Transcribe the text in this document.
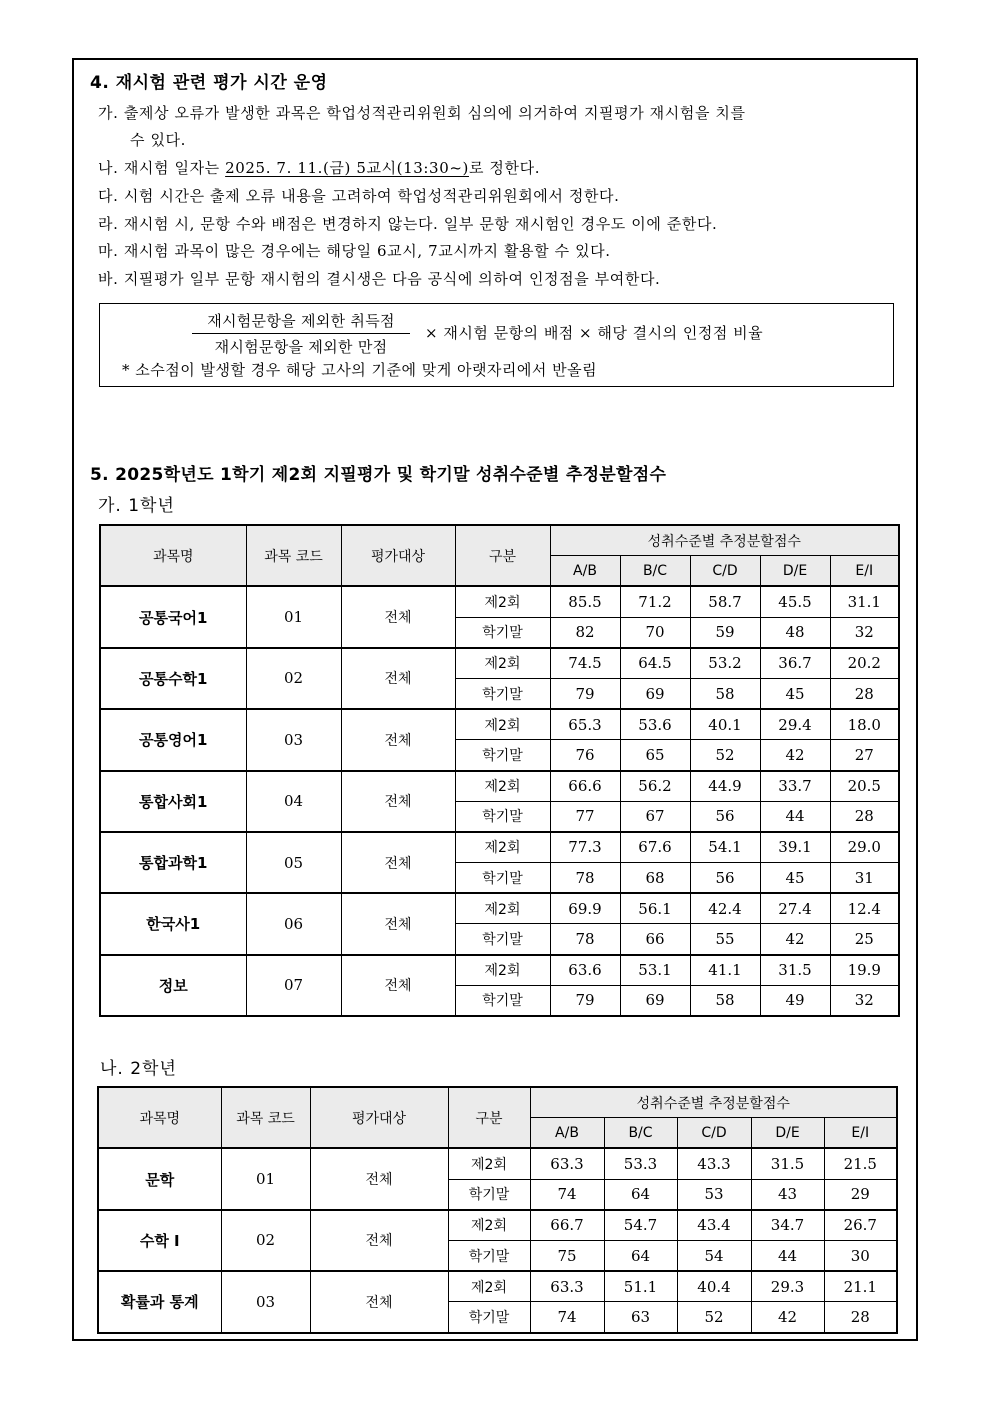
4. 재시험 관련 평가 시간 운영
가. 출제상 오류가 발생한 과목은 학업성적관리위원회 심의에 의거하여 지필평가 재시험을 치를
수 있다.
나. 재시험 일자는 2025. 7. 11.(금) 5교시(13:30~)로 정한다.
다. 시험 시간은 출제 오류 내용을 고려하여 학업성적관리위원회에서 정한다.
라. 재시험 시, 문항 수와 배점은 변경하지 않는다. 일부 문항 재시험인 경우도 이에 준한다.
마. 재시험 과목이 많은 경우에는 해당일 6교시, 7교시까지 활용할 수 있다.
바. 지필평가 일부 문항 재시험의 결시생은 다음 공식에 의하여 인정점을 부여한다.
재시험문항을 제외한 취득점
재시험문항을 제외한 만점
× 재시험 문항의 배점 × 해당 결시의 인정점 비율
* 소수점이 발생할 경우 해당 고사의 기준에 맞게 아랫자리에서 반올림
5. 2025학년도 1학기 제2회 지필평가 및 학기말 성취수준별 추정분할점수
가. 1학년
과목명	과목 코드	평가대상	구분	성취수준별 추정분할점수				
				A/B	B/C	C/D	D/E	E/I
공통국어1	01	전체	제2회	85.5	71.2	58.7	45.5	31.1
			학기말	82	70	59	48	32
공통수학1	02	전체	제2회	74.5	64.5	53.2	36.7	20.2
			학기말	79	69	58	45	28
공통영어1	03	전체	제2회	65.3	53.6	40.1	29.4	18.0
			학기말	76	65	52	42	27
통합사회1	04	전체	제2회	66.6	56.2	44.9	33.7	20.5
			학기말	77	67	56	44	28
통합과학1	05	전체	제2회	77.3	67.6	54.1	39.1	29.0
			학기말	78	68	56	45	31
한국사1	06	전체	제2회	69.9	56.1	42.4	27.4	12.4
			학기말	78	66	55	42	25
정보	07	전체	제2회	63.6	53.1	41.1	31.5	19.9
			학기말	79	69	58	49	32
나. 2학년
과목명	과목 코드	평가대상	구분	성취수준별 추정분할점수				
				A/B	B/C	C/D	D/E	E/I
문학	01	전체	제2회	63.3	53.3	43.3	31.5	21.5
			학기말	74	64	53	43	29
수학 I	02	전체	제2회	66.7	54.7	43.4	34.7	26.7
			학기말	75	64	54	44	30
확률과 통계	03	전체	제2회	63.3	51.1	40.4	29.3	21.1
			학기말	74	63	52	42	28
